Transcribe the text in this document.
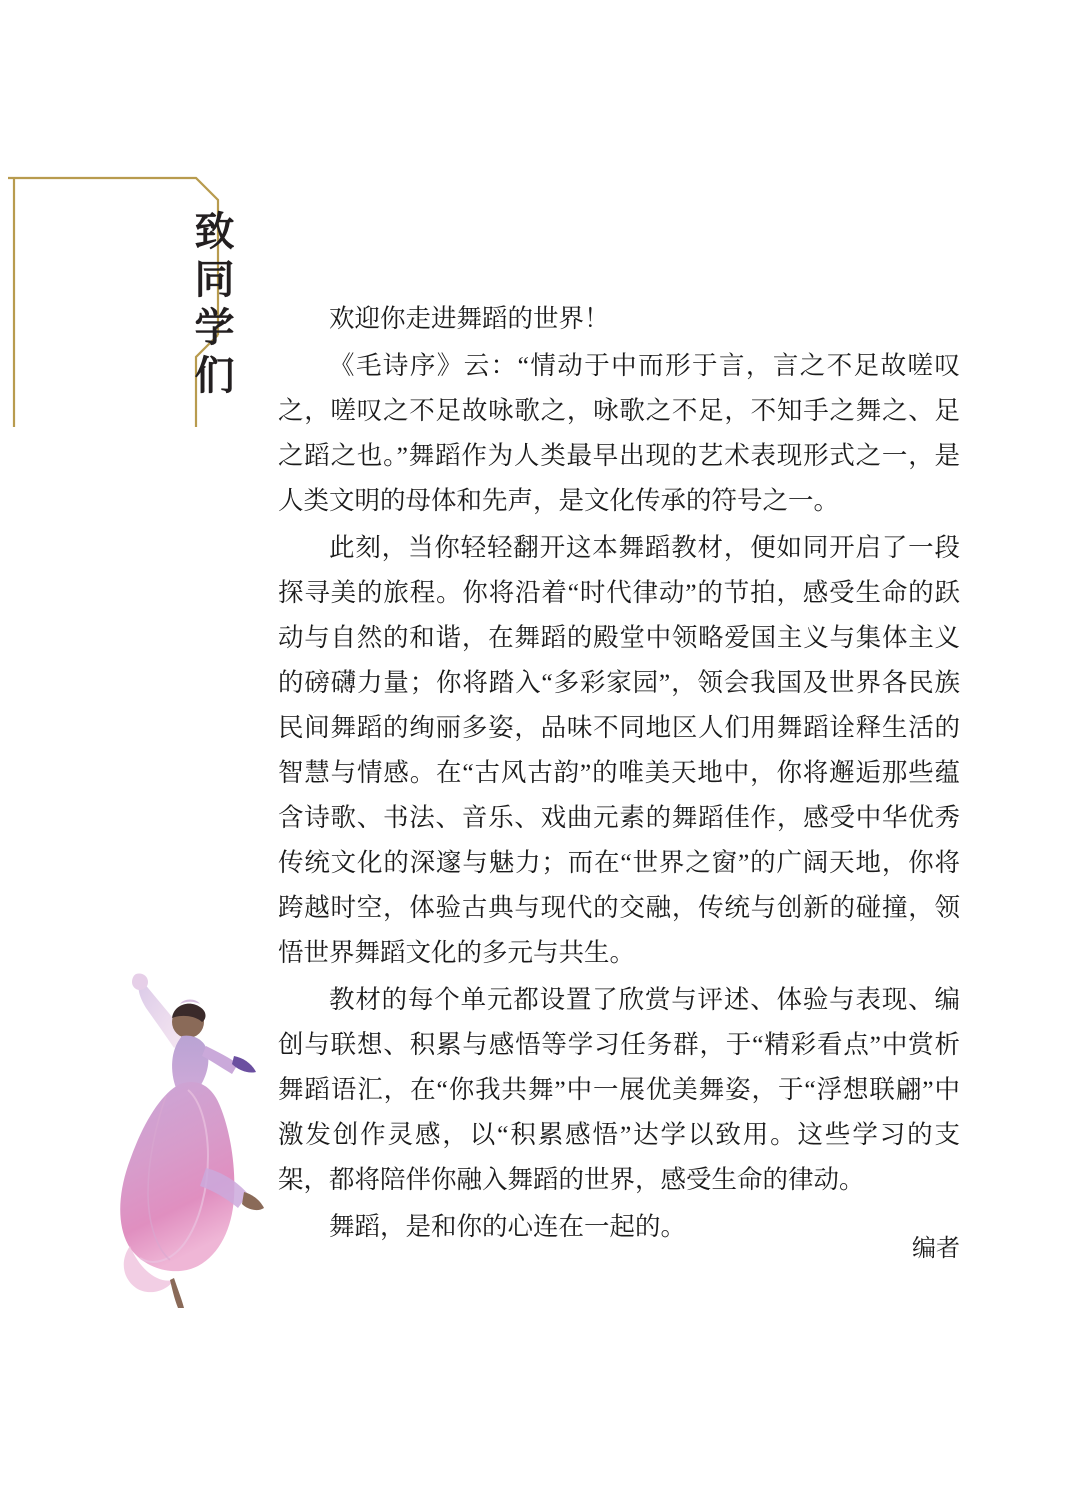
致同学们	欢迎你走进舞蹈的世界！

《毛诗序》云：“情动于中而形于言，言之不足故嗟叹之，嗟叹之不足故咏歌之，咏歌之不足，不知手之舞之、足之蹈之也。”舞蹈作为人类最早出现的艺术表现形式之一，是人类文明的母体和先声，是文化传承的符号之一。

此刻，当你轻轻翻开这本舞蹈教材，便如同开启了一段探寻美的旅程。你将沿着“时代律动”的节拍，感受生命的跃动与自然的和谐，在舞蹈的殿堂中领略爱国主义与集体主义的磅礴力量；你将踏入“多彩家园”，领会我国及世界各民族民间舞蹈的绚丽多姿，品味不同地区人们用舞蹈诠释生活的智慧与情感。在“古风古韵”的唯美天地中，你将邂逅那些蕴含诗歌、书法、音乐、戏曲元素的舞蹈佳作，感受中华优秀传统文化的深邃与魅力；而在“世界之窗”的广阔天地，你将跨越时空，体验古典与现代的交融，传统与创新的碰撞，领悟世界舞蹈文化的多元与共生。

教材的每个单元都设置了欣赏与评述、体验与表现、编创与联想、积累与感悟等学习任务群，于“精彩看点”中赏析舞蹈语汇，在“你我共舞”中一展优美舞姿，于“浮想联翩”中激发创作灵感，以“积累感悟”达学以致用。这些学习的支架，都将陪伴你融入舞蹈的世界，感受生命的律动。

舞蹈，是和你的心连在一起的。

编者
